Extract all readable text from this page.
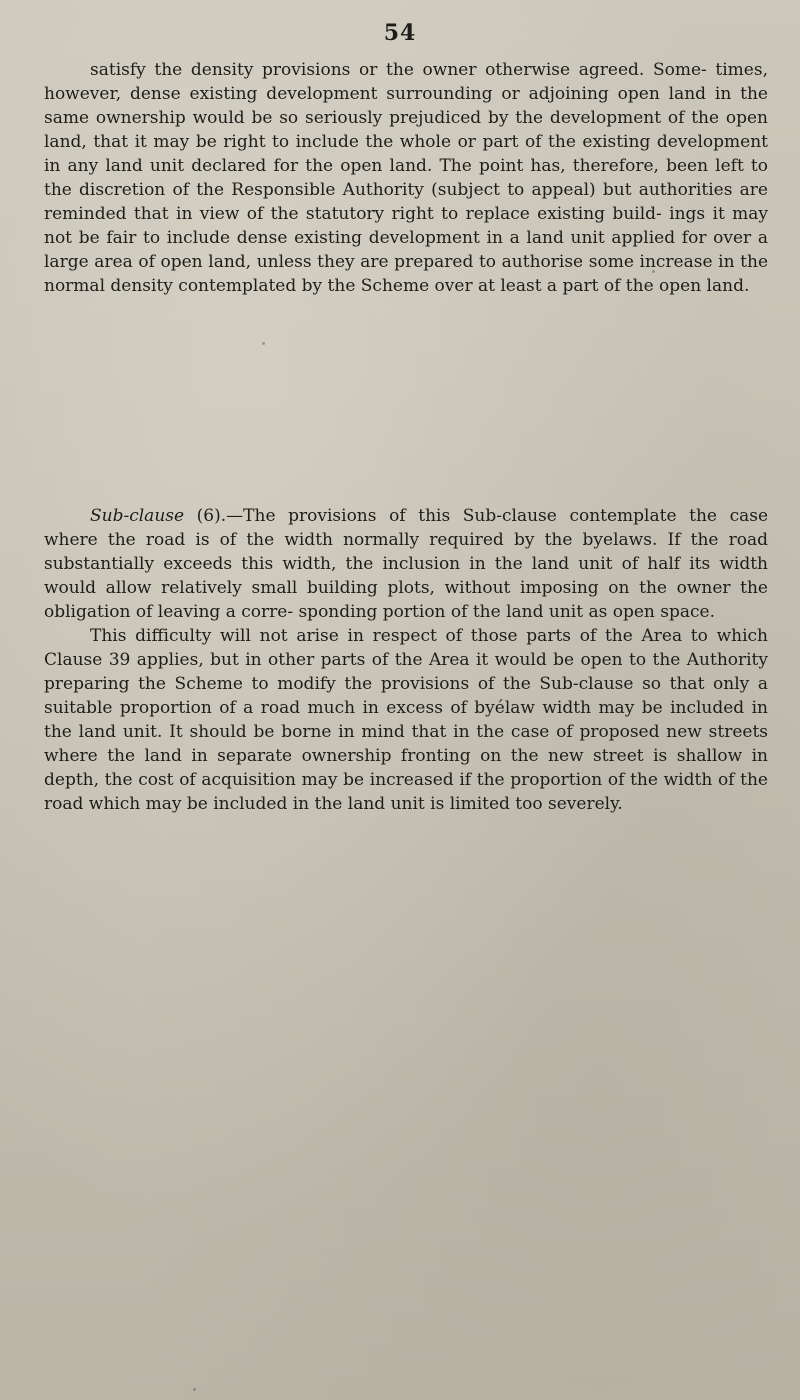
54

satisfy the density provisions or the owner otherwise agreed. Some- times, however, dense existing development surrounding or adjoining open land in the same ownership would be so seriously prejudiced by the development of the open land, that it may be right to include the whole or part of the existing development in any land unit declared for the open land. The point has, therefore, been left to the discretion of the Responsible Authority (subject to appeal) but authorities are reminded that in view of the statutory right to replace existing build- ings it may not be fair to include dense existing development in a land unit applied for over a large area of open land, unless they are prepared to authorise some increase in the normal density contemplated by the Scheme over at least a part of the open land.

Sub-clause (6).—The provisions of this Sub-clause contemplate the case where the road is of the width normally required by the byelaws. If the road substantially exceeds this width, the inclusion in the land unit of half its width would allow relatively small building plots, without imposing on the owner the obligation of leaving a corre- sponding portion of the land unit as open space.

This difficulty will not arise in respect of those parts of the Area to which Clause 39 applies, but in other parts of the Area it would be open to the Authority preparing the Scheme to modify the provisions of the Sub-clause so that only a suitable proportion of a road much in excess of byélaw width may be included in the land unit. It should be borne in mind that in the case of proposed new streets where the land in separate ownership fronting on the new street is shallow in depth, the cost of acquisition may be increased if the proportion of the width of the road which may be included in the land unit is limited too severely.
